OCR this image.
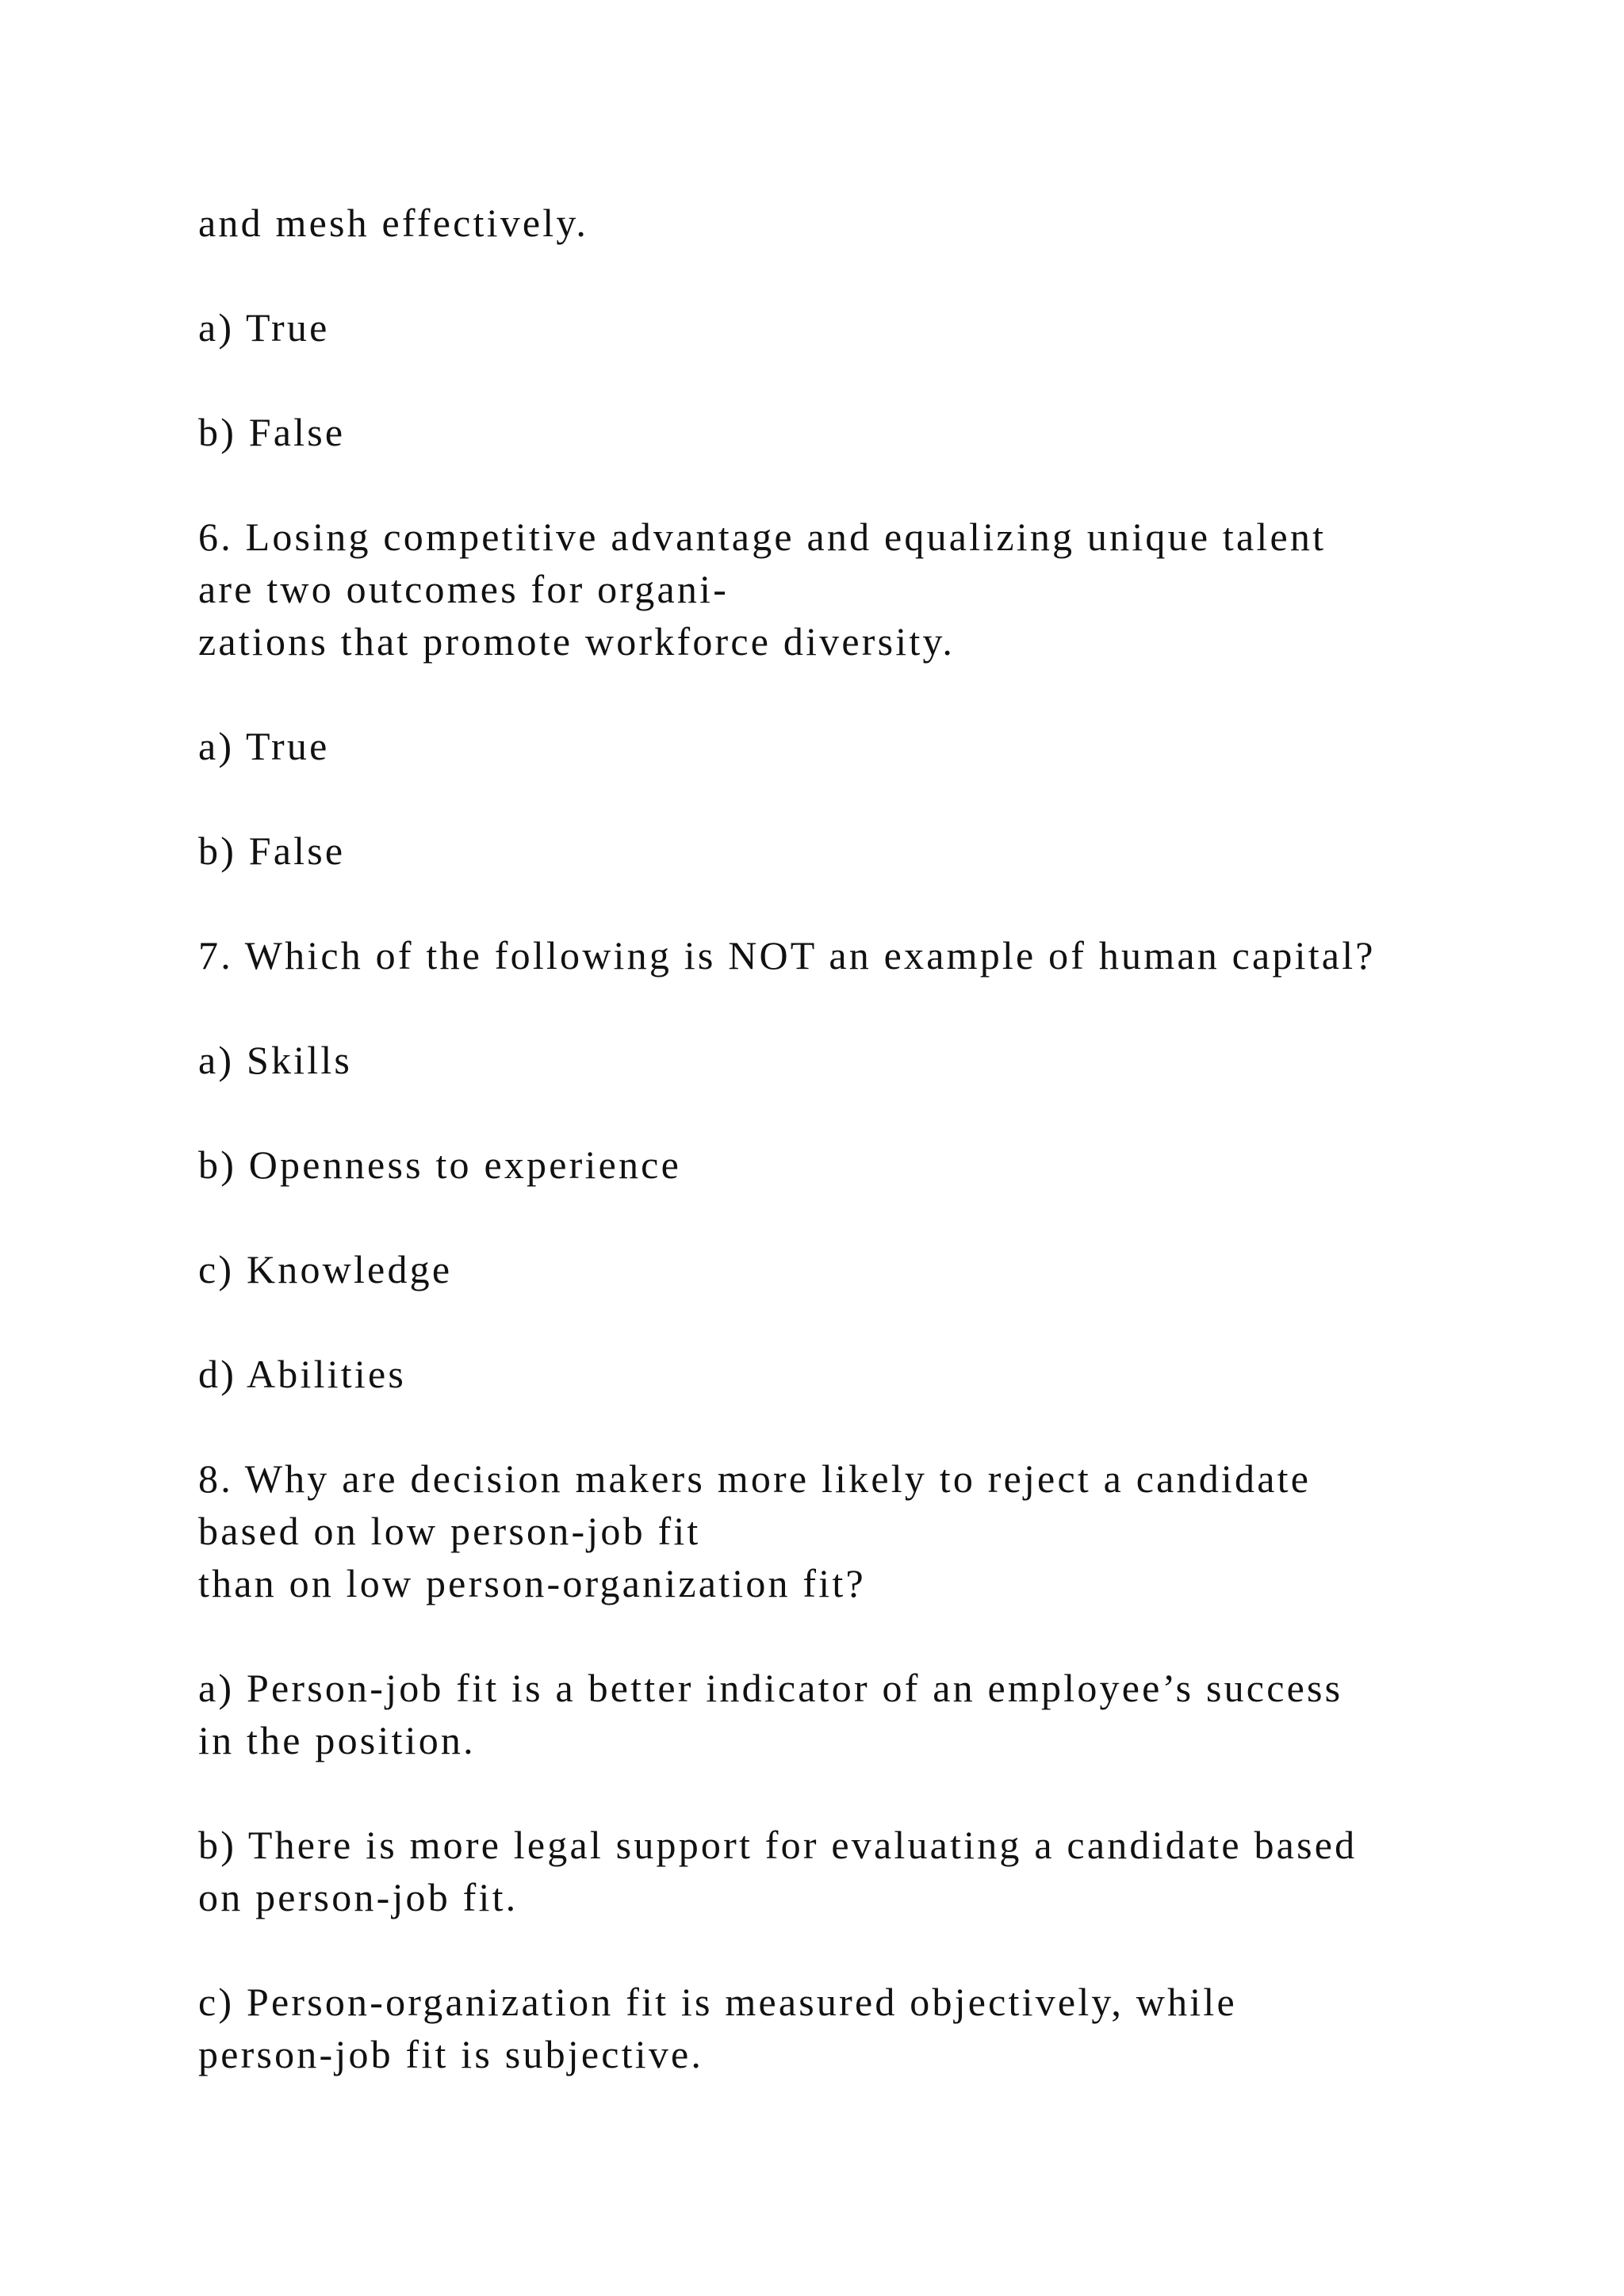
and mesh effectively.

a) True

b) False

6. Losing competitive advantage and equalizing unique talent

are two outcomes for organi-

zations that promote workforce diversity.

a) True

b) False

7. Which of the following is NOT an example of human capital?

a) Skills

b) Openness to experience

c) Knowledge

d) Abilities

8. Why are decision makers more likely to reject a candidate

based on low person-job fit

than on low person-organization fit?

a) Person-job fit is a better indicator of an employee’s success

in the position.

b) There is more legal support for evaluating a candidate based

on person-job fit.

c) Person-organization fit is measured objectively, while

person-job fit is subjective.
